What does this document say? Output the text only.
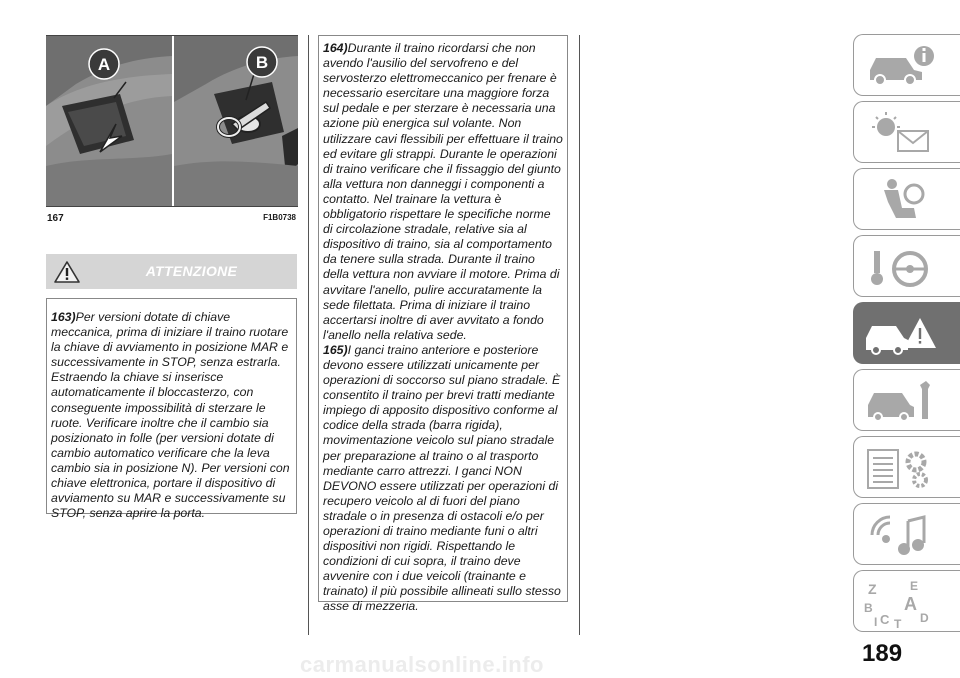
A	B
167	F1B0738
ATTENZIONE

163)Per versioni dotate di chiave meccanica, prima di iniziare il traino ruotare la chiave di avviamento in posizione MAR e successivamente in STOP, senza estrarla. Estraendo la chiave si inserisce automaticamente il bloccasterzo, con conseguente impossibilità di sterzare le ruote. Verificare inoltre che il cambio sia posizionato in folle (per versioni dotate di cambio automatico verificare che la leva cambio sia in posizione N). Per versioni con chiave elettronica, portare il dispositivo di avviamento su MAR e successivamente su STOP, senza aprire la porta.

164)Durante il traino ricordarsi che non avendo l'ausilio del servofreno e del servosterzo elettromeccanico per frenare è necessario esercitare una maggiore forza sul pedale e per sterzare è necessaria una azione più energica sul volante. Non utilizzare cavi flessibili per effettuare il traino ed evitare gli strappi. Durante le operazioni di traino verificare che il fissaggio del giunto alla vettura non danneggi i componenti a contatto. Nel trainare la vettura è obbligatorio rispettare le specifiche norme di circolazione stradale, relative sia al dispositivo di traino, sia al comportamento da tenere sulla strada. Durante il traino della vettura non avviare il motore. Prima di avvitare l'anello, pulire accuratamente la sede filettata. Prima di iniziare il traino accertarsi inoltre di aver avvitato a fondo l'anello nella relativa sede.

165)I ganci traino anteriore e posteriore devono essere utilizzati unicamente per operazioni di soccorso sul piano stradale. È consentito il traino per brevi tratti mediante impiego di apposito dispositivo conforme al codice della strada (barra rigida), movimentazione veicolo sul piano stradale per preparazione al traino o al trasporto mediante carro attrezzi. I ganci NON DEVONO essere utilizzati per operazioni di recupero veicolo al di fuori del piano stradale o in presenza di ostacoli e/o per operazioni di traino mediante funi o altri dispositivi non rigidi. Rispettando le condizioni di cui sopra, il traino deve avvenire con i due veicoli (trainante e trainato) il più possibile allineati sullo stesso asse di mezzeria.

Z	E
B A
C	D
T
I
189
carmanualsonline.info
